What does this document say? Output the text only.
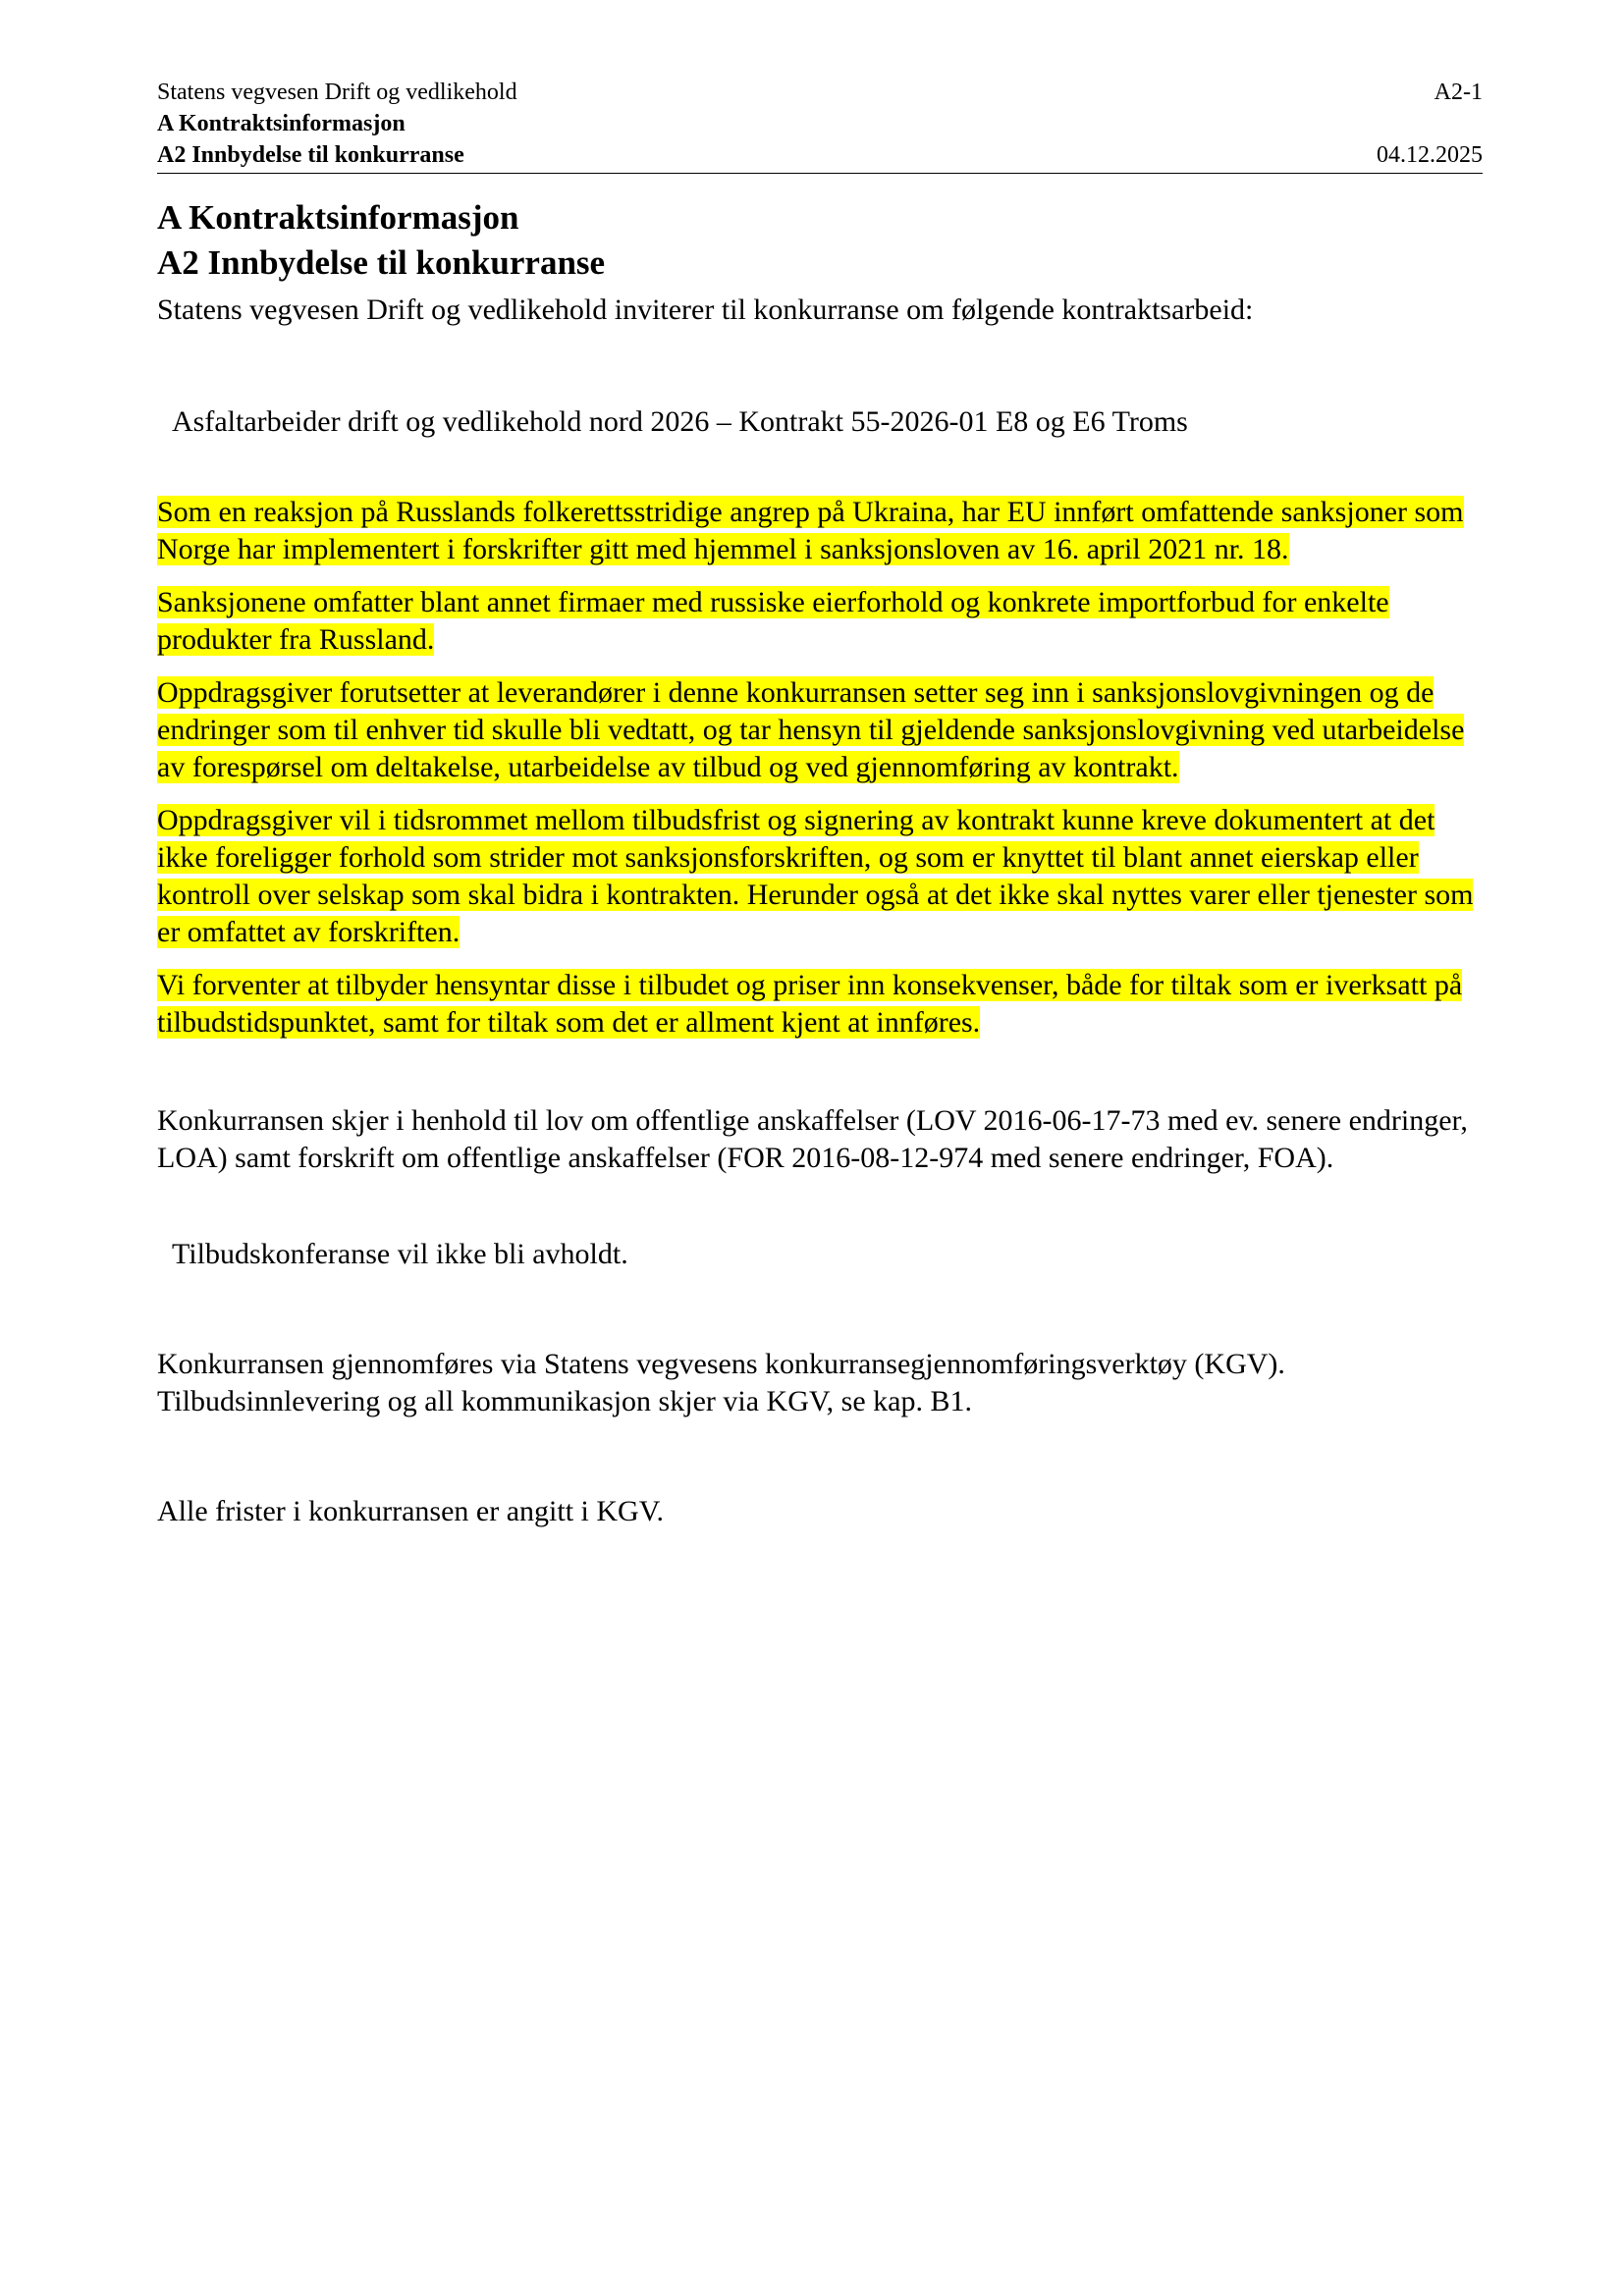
Statens vegvesen Drift og vedlikehold	A2-1
A Kontraktsinformasjon
A2 Innbydelse til konkurranse	04.12.2025
A Kontraktsinformasjon
A2 Innbydelse til konkurranse
Statens vegvesen Drift og vedlikehold inviterer til konkurranse om følgende kontraktsarbeid:
Asfaltarbeider drift og vedlikehold nord 2026 – Kontrakt 55-2026-01 E8 og E6 Troms

Som en reaksjon på Russlands folkerettsstridige angrep på Ukraina, har EU innført omfattende sanksjoner som Norge har implementert i forskrifter gitt med hjemmel i sanksjonsloven av 16. april 2021 nr. 18.

Sanksjonene omfatter blant annet firmaer med russiske eierforhold og konkrete importforbud for enkelte produkter fra Russland.

Oppdragsgiver forutsetter at leverandører i denne konkurransen setter seg inn i sanksjonslovgivningen og de endringer som til enhver tid skulle bli vedtatt, og tar hensyn til gjeldende sanksjonslovgivning ved utarbeidelse av forespørsel om deltakelse, utarbeidelse av tilbud og ved gjennomføring av kontrakt.

Oppdragsgiver vil i tidsrommet mellom tilbudsfrist og signering av kontrakt kunne kreve dokumentert at det ikke foreligger forhold som strider mot sanksjonsforskriften, og som er knyttet til blant annet eierskap eller kontroll over selskap som skal bidra i kontrakten. Herunder også at det ikke skal nyttes varer eller tjenester som er omfattet av forskriften.

Vi forventer at tilbyder hensyntar disse i tilbudet og priser inn konsekvenser, både for tiltak som er iverksatt på tilbudstidspunktet, samt for tiltak som det er allment kjent at innføres.

Konkurransen skjer i henhold til lov om offentlige anskaffelser (LOV 2016-06-17-73 med ev. senere endringer, LOA) samt forskrift om offentlige anskaffelser (FOR 2016-08-12-974 med senere endringer, FOA).
Tilbudskonferanse vil ikke bli avholdt.
Konkurransen gjennomføres via Statens vegvesens konkurransegjennomføringsverktøy (KGV).
Tilbudsinnlevering og all kommunikasjon skjer via KGV, se kap. B1.
Alle frister i konkurransen er angitt i KGV.
